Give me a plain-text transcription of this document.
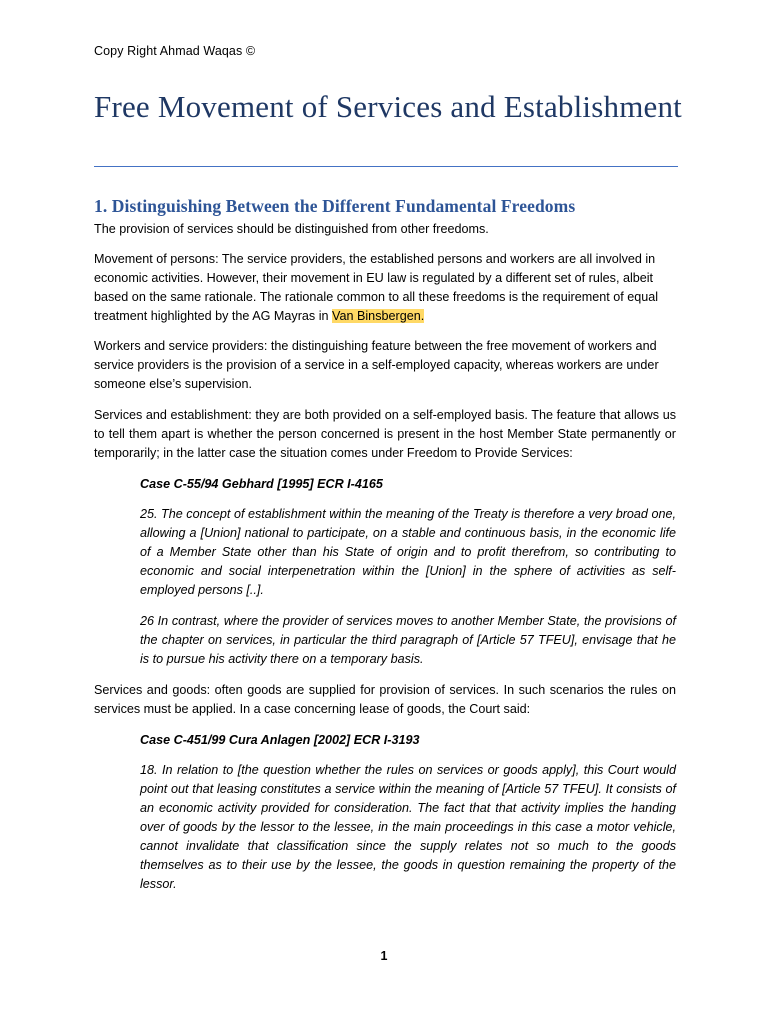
Copy Right Ahmad Waqas ©
Free Movement of Services and Establishment
1. Distinguishing Between the Different Fundamental Freedoms

The provision of services should be distinguished from other freedoms.

Movement of persons: The service providers, the established persons and workers are all involved in economic activities. However, their movement in EU law is regulated by a different set of rules, albeit based on the same rationale. The rationale common to all these freedoms is the requirement of equal treatment highlighted by the AG Mayras in Van Binsbergen.

Workers and service providers: the distinguishing feature between the free movement of workers and service providers is the provision of a service in a self-employed capacity, whereas workers are under someone else’s supervision.

Services and establishment: they are both provided on a self-employed basis. The feature that allows us to tell them apart is whether the person concerned is present in the host Member State permanently or temporarily; in the latter case the situation comes under Freedom to Provide Services:

Case C-55/94 Gebhard [1995] ECR I-4165

25. The concept of establishment within the meaning of the Treaty is therefore a very broad one, allowing a [Union] national to participate, on a stable and continuous basis, in the economic life of a Member State other than his State of origin and to profit therefrom, so contributing to economic and social interpenetration within the [Union] in the sphere of activities as self-employed persons [..].

26 In contrast, where the provider of services moves to another Member State, the provisions of the chapter on services, in particular the third paragraph of [Article 57 TFEU], envisage that he is to pursue his activity there on a temporary basis.

Services and goods: often goods are supplied for provision of services. In such scenarios the rules on services must be applied. In a case concerning lease of goods, the Court said:

Case C-451/99 Cura Anlagen [2002] ECR I-3193

18. In relation to [the question whether the rules on services or goods apply], this Court would point out that leasing constitutes a service within the meaning of [Article 57 TFEU]. It consists of an economic activity provided for consideration. The fact that that activity implies the handing over of goods by the lessor to the lessee, in the main proceedings in this case a motor vehicle, cannot invalidate that classification since the supply relates not so much to the goods themselves as to their use by the lessee, the goods in question remaining the property of the lessor.

1
